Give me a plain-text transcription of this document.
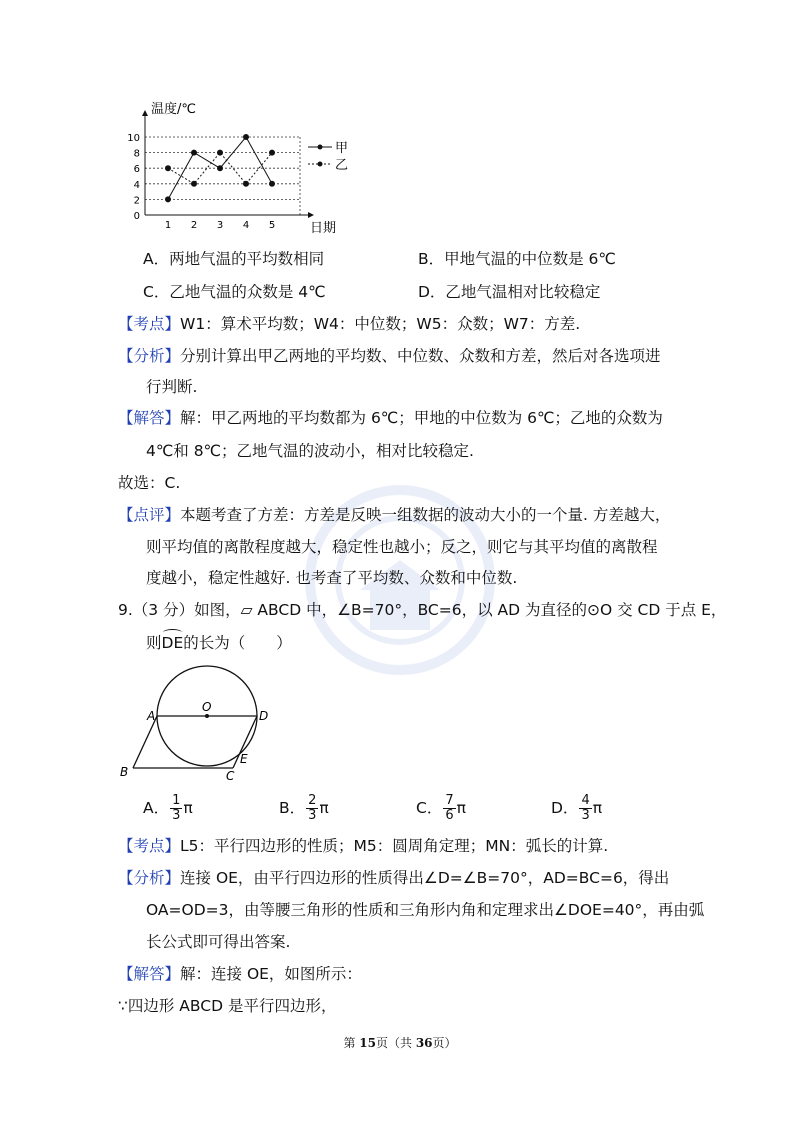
0
2
4
6
8
10
1 2 3 4 5
甲
乙
温度/℃
日期
A．两地气温的平均数相同	B．甲地气温的中位数是 6℃
C．乙地气温的众数是 4℃	D．乙地气温相对比较稳定
【考点】W1：算术平均数；W4：中位数；W5：众数；W7：方差.
【分析】分别计算出甲乙两地的平均数、中位数、众数和方差，然后对各选项进
行判断.
【解答】解：甲乙两地的平均数都为 6℃；甲地的中位数为 6℃；乙地的众数为
4℃和 8℃；乙地气温的波动小，相对比较稳定.
故选：C.
【点评】本题考查了方差：方差是反映一组数据的波动大小的一个量. 方差越大，
则平均值的离散程度越大，稳定性也越小；反之，则它与其平均值的离散程
度越小，稳定性越好. 也考查了平均数、众数和中位数.
9.（3 分）如图，▱ ABCD 中，∠B=70°，BC=6，以 AD 为直径的⊙O 交 CD 于点 E，
则DE的长为（　　）
A	D
O
B	C
E
A． $\frac{1}{3}$ π	B． $\frac{2}{3}$ π	C． $\frac{7}{6}$ π	D． $\frac{4}{3}$ π
【考点】L5：平行四边形的性质；M5：圆周角定理；MN：弧长的计算.
【分析】连接 OE，由平行四边形的性质得出∠D=∠B=70°，AD=BC=6，得出
OA=OD=3，由等腰三角形的性质和三角形内角和定理求出∠DOE=40°，再由弧
长公式即可得出答案.
【解答】解：连接 OE，如图所示：
∵四边形 ABCD 是平行四边形，
第 15页（共 36页）
